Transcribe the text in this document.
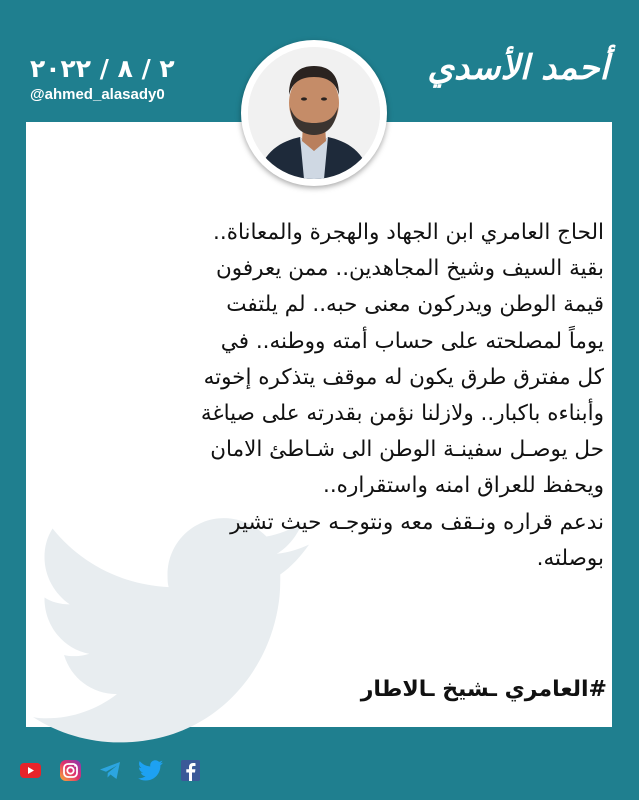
٢ / ٨ / ٢٠٢٢
@ahmed_alasady0
أحمد الأسدي
الحاج العامري ابن الجهاد والهجرة والمعاناة..
بقية السيف وشيخ المجاهدين.. ممن يعرفون
قيمة الوطن ويدركون معنى حبه.. لم يلتفت
يوماً لمصلحته على حساب أمته ووطنه.. في
كل مفترق طرق يكون له موقف يتذكره إخوته
وأبناءه باكبار.. ولازلنا نؤمن بقدرته على صياغة
حل يوصـل سفينـة الوطن الى شـاطئ الامان
ويحفظ للعراق امنه واستقراره..
ندعم قراره ونـقف معه ونتوجـه حيث تشير
بوصلته.
#العامري ـشيخ ـالاطار
